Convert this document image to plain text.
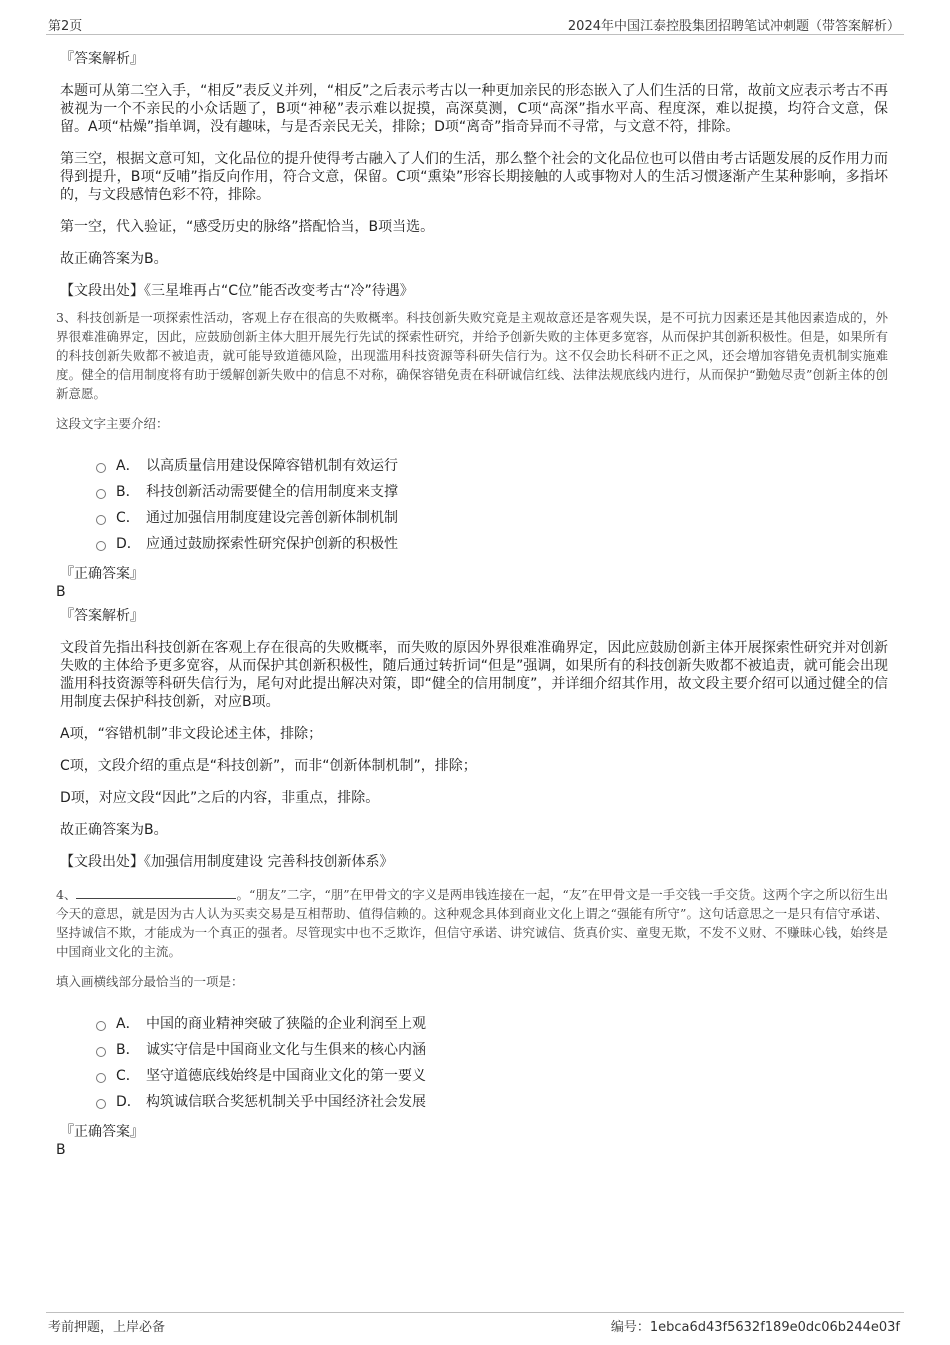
第2页	2024年中国江泰控股集团招聘笔试冲刺题（带答案解析）
『答案解析』
本题可从第二空入手，“相反”表反义并列，“相反”之后表示考古以一种更加亲民的形态嵌入了人们生活的日常，故前文应表示考古不再被视为一个不亲民的小众话题了，B项“神秘”表示难以捉摸，高深莫测，C项“高深”指水平高、程度深，难以捉摸，均符合文意，保留。A项“枯燥”指单调，没有趣味，与是否亲民无关，排除；D项“离奇”指奇异而不寻常，与文意不符，排除。
第三空，根据文意可知，文化品位的提升使得考古融入了人们的生活，那么整个社会的文化品位也可以借由考古话题发展的反作用力而得到提升，B项“反哺”指反向作用，符合文意，保留。C项“熏染”形容长期接触的人或事物对人的生活习惯逐渐产生某种影响，多指坏的，与文段感情色彩不符，排除。
第一空，代入验证，“感受历史的脉络”搭配恰当，B项当选。
故正确答案为B。
【文段出处】《三星堆再占“C位”能否改变考古“冷”待遇》
3、科技创新是一项探索性活动，客观上存在很高的失败概率。科技创新失败究竟是主观故意还是客观失误，是不可抗力因素还是其他因素造成的，外界很难准确界定，因此，应鼓励创新主体大胆开展先行先试的探索性研究，并给予创新失败的主体更多宽容，从而保护其创新积极性。但是，如果所有的科技创新失败都不被追责，就可能导致道德风险，出现滥用科技资源等科研失信行为。这不仅会助长科研不正之风，还会增加容错免责机制实施难度。健全的信用制度将有助于缓解创新失败中的信息不对称，确保容错免责在科研诚信红线、法律法规底线内进行，从而保护“勤勉尽责”创新主体的创新意愿。
这段文字主要介绍：
A． 以高质量信用建设保障容错机制有效运行
B． 科技创新活动需要健全的信用制度来支撑
C． 通过加强信用制度建设完善创新体制机制
D． 应通过鼓励探索性研究保护创新的积极性
『正确答案』
B
『答案解析』
文段首先指出科技创新在客观上存在很高的失败概率，而失败的原因外界很难准确界定，因此应鼓励创新主体开展探索性研究并对创新失败的主体给予更多宽容，从而保护其创新积极性，随后通过转折词“但是”强调，如果所有的科技创新失败都不被追责，就可能会出现滥用科技资源等科研失信行为，尾句对此提出解决对策，即“健全的信用制度”，并详细介绍其作用，故文段主要介绍可以通过健全的信用制度去保护科技创新，对应B项。
A项，“容错机制”非文段论述主体，排除；
C项，文段介绍的重点是“科技创新”，而非“创新体制机制”，排除；
D项，对应文段“因此”之后的内容，非重点，排除。
故正确答案为B。
【文段出处】《加强信用制度建设 完善科技创新体系》
4、	。“朋友”二字，“朋”在甲骨文的字义是两串钱连接在一起，“友”在甲骨文是一手交钱一手交货。这两个字之所以衍生出今天的意思，就是因为古人认为买卖交易是互相帮助、值得信赖的。这种观念具体到商业文化上谓之“强能有所守”。这句话意思之一是只有信守承诺、坚持诚信不欺，才能成为一个真正的强者。尽管现实中也不乏欺诈，但信守承诺、讲究诚信、货真价实、童叟无欺，不发不义财、不赚昧心钱，始终是中国商业文化的主流。
填入画横线部分最恰当的一项是：
A． 中国的商业精神突破了狭隘的企业利润至上观
B． 诚实守信是中国商业文化与生俱来的核心内涵
C． 坚守道德底线始终是中国商业文化的第一要义
D． 构筑诚信联合奖惩机制关乎中国经济社会发展
『正确答案』
B
考前押题，上岸必备	编号：1ebca6d43f5632f189e0dc06b244e03f
